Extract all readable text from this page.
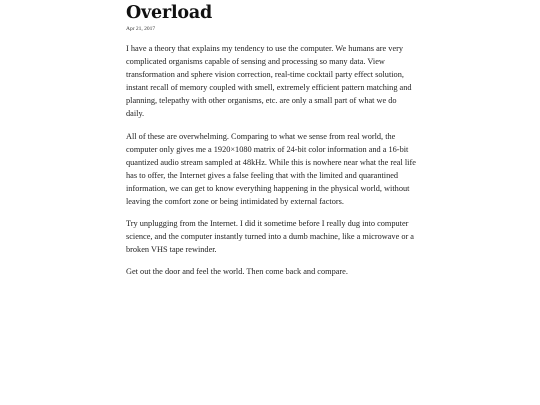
Overload
Apr 21, 2017

I have a theory that explains my tendency to use the computer. We humans are very complicated organisms capable of sensing and processing so many data. View transformation and sphere vision correction, real-time cocktail party effect solution, instant recall of memory coupled with smell, extremely efficient pattern matching and planning, telepathy with other organisms, etc. are only a small part of what we do daily.

All of these are overwhelming. Comparing to what we sense from real world, the computer only gives me a 1920×1080 matrix of 24-bit color information and a 16-bit quantized audio stream sampled at 48kHz. While this is nowhere near what the real life has to offer, the Internet gives a false feeling that with the limited and quarantined information, we can get to know everything happening in the physical world, without leaving the comfort zone or being intimidated by external factors.

Try unplugging from the Internet. I did it sometime before I really dug into computer science, and the computer instantly turned into a dumb machine, like a microwave or a broken VHS tape rewinder.

Get out the door and feel the world. Then come back and compare.
